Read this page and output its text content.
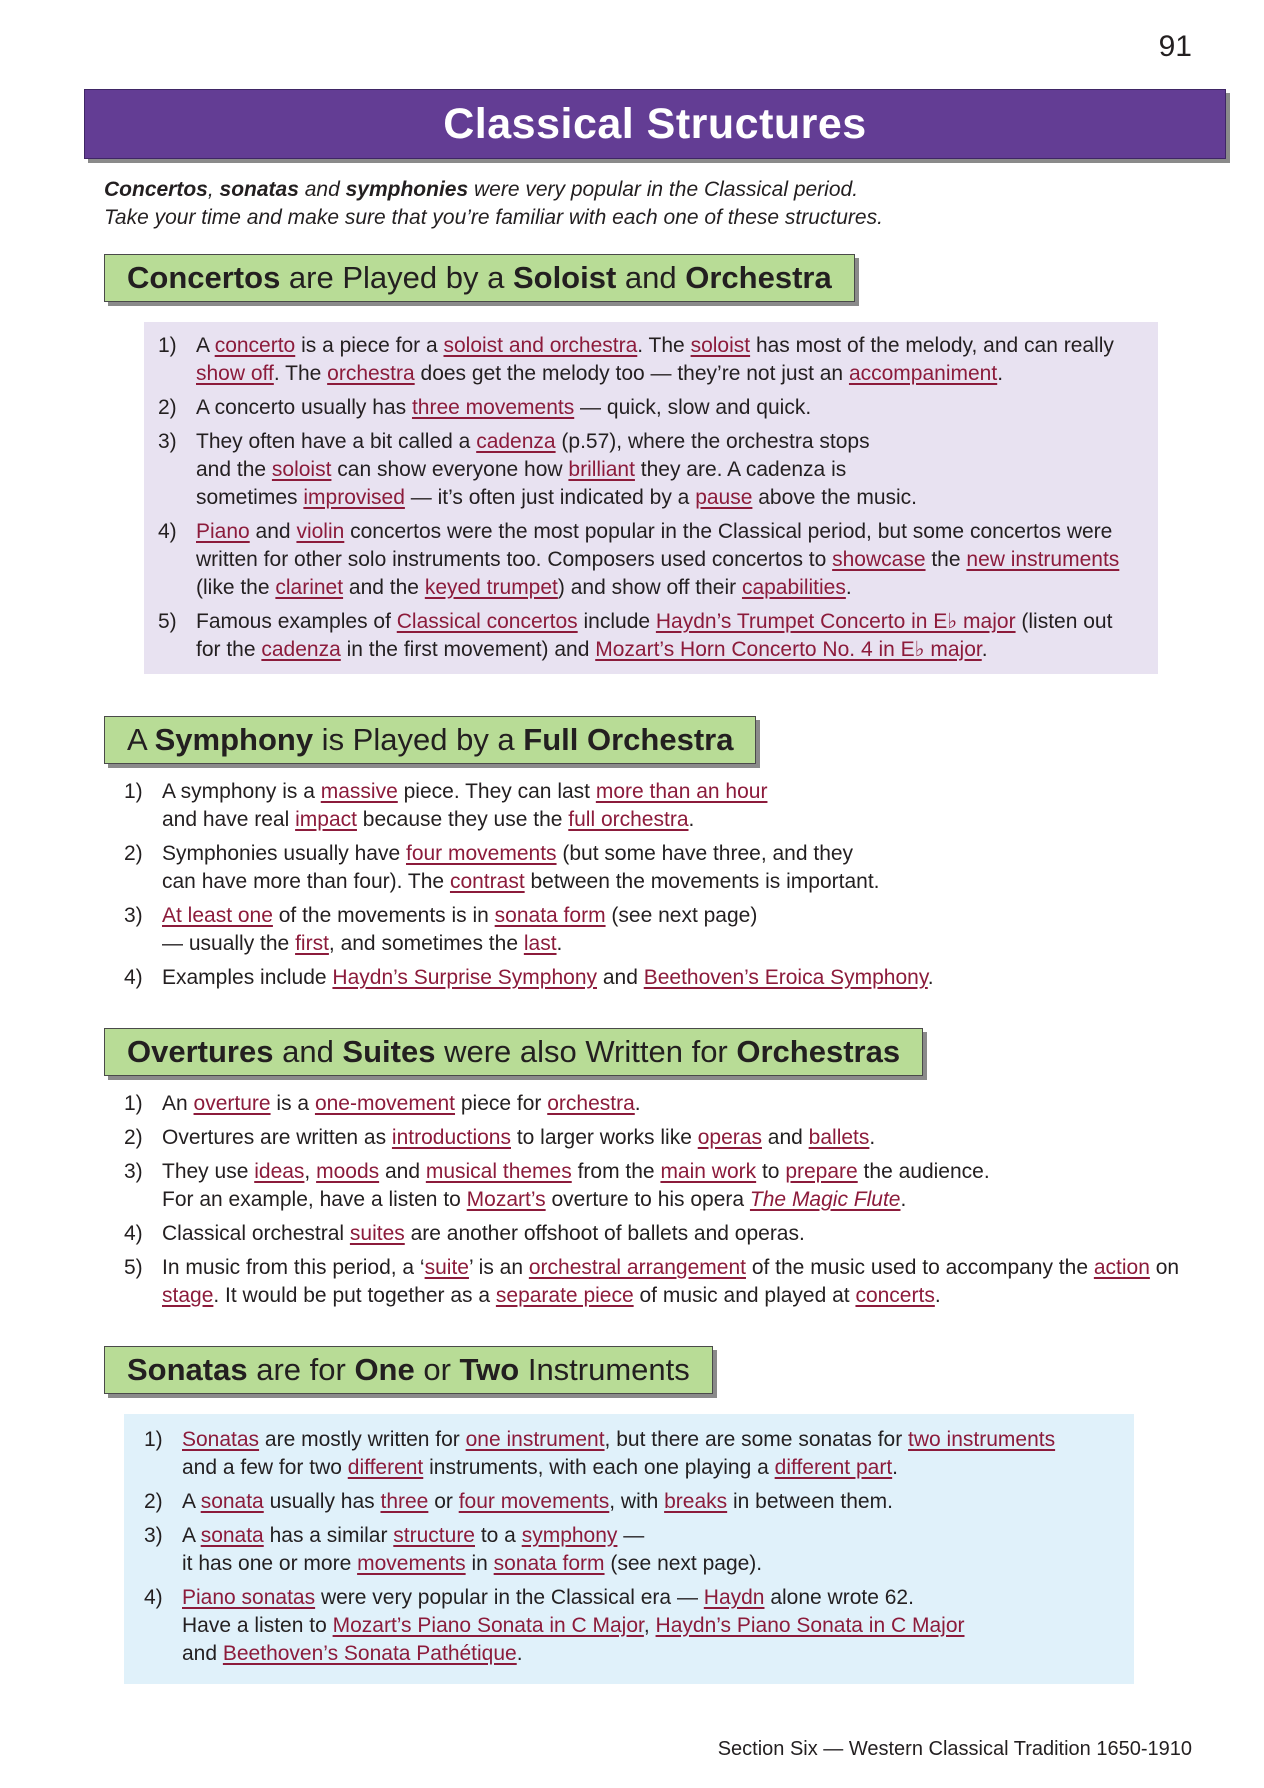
91
Classical Structures
Concertos, sonatas and symphonies were very popular in the Classical period.
Take your time and make sure that you’re familiar with each one of these structures.
Concertos are Played by a Soloist and Orchestra
1) A concerto is a piece for a soloist and orchestra. The soloist has most of the melody, and can really show off. The orchestra does get the melody too — they’re not just an accompaniment.
2) A concerto usually has three movements — quick, slow and quick.
3) They often have a bit called a cadenza (p.57), where the orchestra stops
and the soloist can show everyone how brilliant they are. A cadenza is
sometimes improvised — it’s often just indicated by a pause above the music.
4) Piano and violin concertos were the most popular in the Classical period, but some concertos were written for other solo instruments too. Composers used concertos to showcase the new instruments (like the clarinet and the keyed trumpet) and show off their capabilities.
5) Famous examples of Classical concertos include Haydn’s Trumpet Concerto in E♭ major (listen out for the cadenza in the first movement) and Mozart’s Horn Concerto No. 4 in E♭ major.
A Symphony is Played by a Full Orchestra
1) A symphony is a massive piece. They can last more than an hour
and have real impact because they use the full orchestra.
2) Symphonies usually have four movements (but some have three, and they
can have more than four). The contrast between the movements is important.
3) At least one of the movements is in sonata form (see next page)
— usually the first, and sometimes the last.
4) Examples include Haydn’s Surprise Symphony and Beethoven’s Eroica Symphony.
Overtures and Suites were also Written for Orchestras
1) An overture is a one-movement piece for orchestra.
2) Overtures are written as introductions to larger works like operas and ballets.
3) They use ideas, moods and musical themes from the main work to prepare the audience.
For an example, have a listen to Mozart’s overture to his opera The Magic Flute.
4) Classical orchestral suites are another offshoot of ballets and operas.
5) In music from this period, a ‘suite’ is an orchestral arrangement of the music used to accompany the action on stage. It would be put together as a separate piece of music and played at concerts.
Sonatas are for One or Two Instruments
1) Sonatas are mostly written for one instrument, but there are some sonatas for two instruments
and a few for two different instruments, with each one playing a different part.
2) A sonata usually has three or four movements, with breaks in between them.
3) A sonata has a similar structure to a symphony —
it has one or more movements in sonata form (see next page).
4) Piano sonatas were very popular in the Classical era — Haydn alone wrote 62.
Have a listen to Mozart’s Piano Sonata in C Major, Haydn’s Piano Sonata in C Major
and Beethoven’s Sonata Pathétique.
Section Six — Western Classical Tradition 1650-1910
